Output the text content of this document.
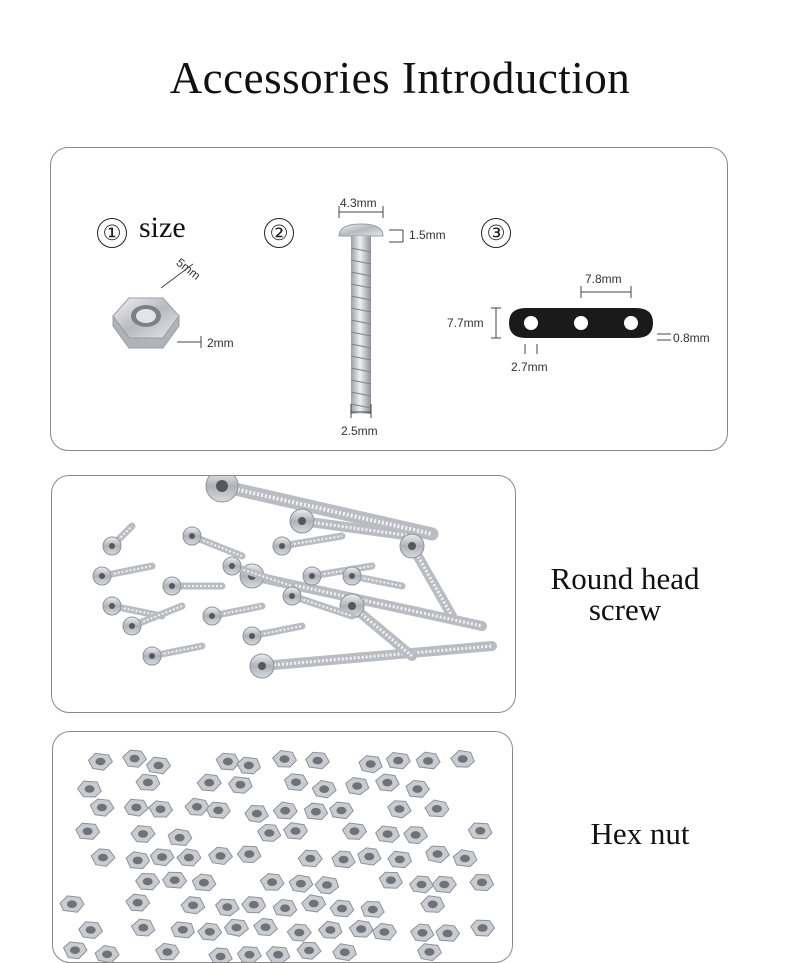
Accessories Introduction
① size	②	③
5mm
2mm
4.3mm
1.5mm
2.5mm
7.8mm
7.7mm
2.7mm
0.8mm
Round head
screw
Hex nut
